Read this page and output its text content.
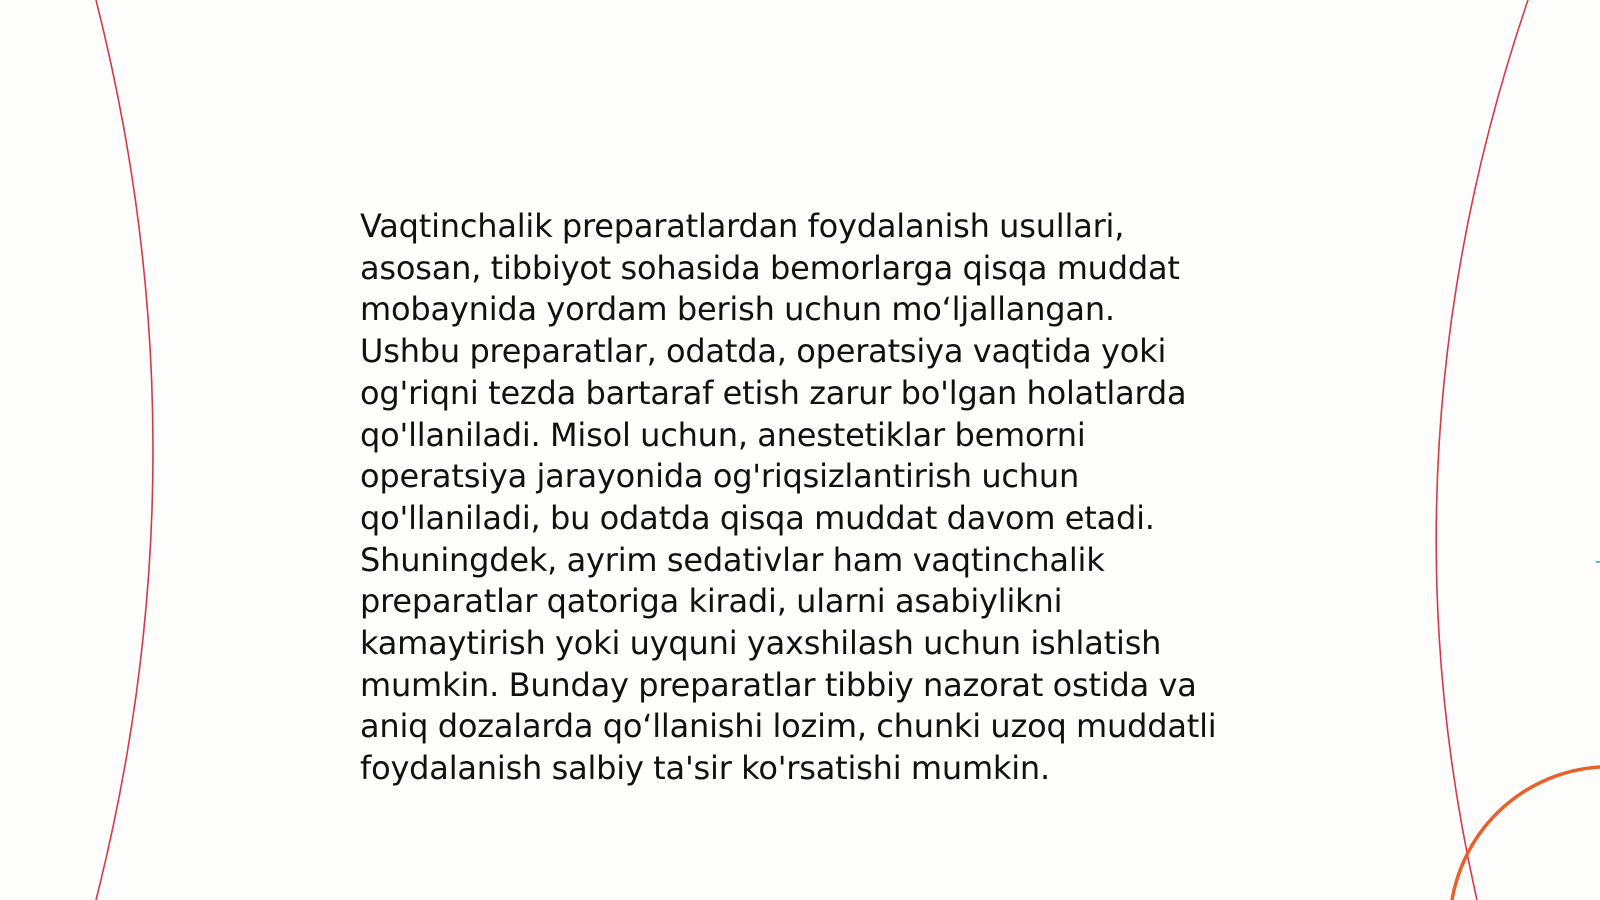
Vaqtinchalik preparatlardan foydalanish usullari,
asosan, tibbiyot sohasida bemorlarga qisqa muddat
mobaynida yordam berish uchun mo‘ljallangan.
Ushbu preparatlar, odatda, operatsiya vaqtida yoki
og'riqni tezda bartaraf etish zarur bo'lgan holatlarda
qo'llaniladi. Misol uchun, anestetiklar bemorni
operatsiya jarayonida og'riqsizlantirish uchun
qo'llaniladi, bu odatda qisqa muddat davom etadi.
Shuningdek, ayrim sedativlar ham vaqtinchalik
preparatlar qatoriga kiradi, ularni asabiylikni
kamaytirish yoki uyquni yaxshilash uchun ishlatish
mumkin. Bunday preparatlar tibbiy nazorat ostida va
aniq dozalarda qo‘llanishi lozim, chunki uzoq muddatli
foydalanish salbiy ta'sir ko'rsatishi mumkin.
